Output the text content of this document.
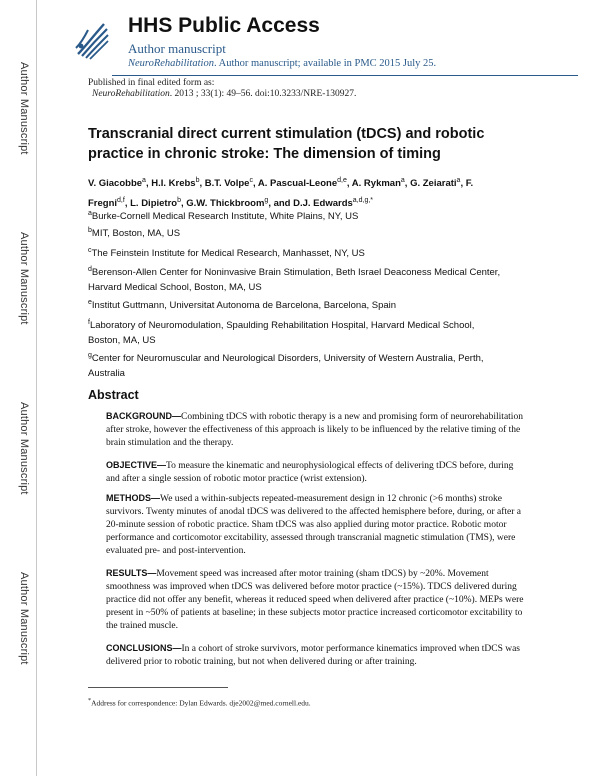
Author Manuscript
Author Manuscript
Author Manuscript
Author Manuscript
HHS Public Access
Author manuscript
NeuroRehabilitation. Author manuscript; available in PMC 2015 July 25.
Published in final edited form as:
NeuroRehabilitation. 2013 ; 33(1): 49–56. doi:10.3233/NRE-130927.
Transcranial direct current stimulation (tDCS) and robotic practice in chronic stroke: The dimension of timing
V. Giacobbe$^a$, H.I. Krebs$^b$, B.T. Volpe$^c$, A. Pascual-Leone$^{d,e}$, A. Rykman$^a$, G. Zeiarati$^a$, F. Fregni$^{d,f}$, L. Dipietro$^b$, G.W. Thickbroom$^g$, and D.J. Edwards$^{a,d,g,*}$
$^a$Burke-Cornell Medical Research Institute, White Plains, NY, US
$^b$MIT, Boston, MA, US
$^c$The Feinstein Institute for Medical Research, Manhasset, NY, US
$^d$Berenson-Allen Center for Noninvasive Brain Stimulation, Beth Israel Deaconess Medical Center, Harvard Medical School, Boston, MA, US
$^e$Institut Guttmann, Universitat Autonoma de Barcelona, Barcelona, Spain
$^f$Laboratory of Neuromodulation, Spaulding Rehabilitation Hospital, Harvard Medical School, Boston, MA, US
$^g$Center for Neuromuscular and Neurological Disorders, University of Western Australia, Perth, Australia
Abstract
BACKGROUND—Combining tDCS with robotic therapy is a new and promising form of neurorehabilitation after stroke, however the effectiveness of this approach is likely to be influenced by the relative timing of the brain stimulation and the therapy.
OBJECTIVE—To measure the kinematic and neurophysiological effects of delivering tDCS before, during and after a single session of robotic motor practice (wrist extension).
METHODS—We used a within-subjects repeated-measurement design in 12 chronic (>6 months) stroke survivors. Twenty minutes of anodal tDCS was delivered to the affected hemisphere before, during, or after a 20-minute session of robotic practice. Sham tDCS was also applied during motor practice. Robotic motor performance and corticomotor excitability, assessed through transcranial magnetic stimulation (TMS), were evaluated pre- and post-intervention.
RESULTS—Movement speed was increased after motor training (sham tDCS) by ~20%. Movement smoothness was improved when tDCS was delivered before motor practice (~15%). TDCS delivered during practice did not offer any benefit, whereas it reduced speed when delivered after practice (~10%). MEPs were present in ~50% of patients at baseline; in these subjects motor practice increased corticomotor excitability to the trained muscle.
CONCLUSIONS—In a cohort of stroke survivors, motor performance kinematics improved when tDCS was delivered prior to robotic training, but not when delivered during or after training.
*Address for correspondence: Dylan Edwards. dje2002@med.cornell.edu.
